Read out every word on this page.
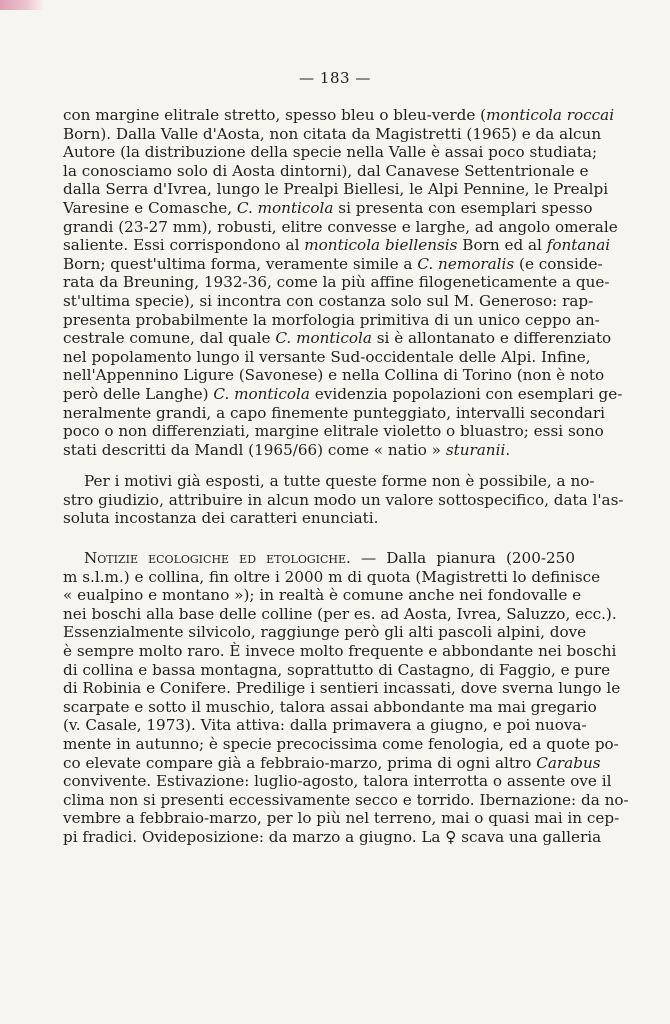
— 183 —
con margine elitrale stretto, spesso bleu o bleu-verde (monticola roccai
Born). Dalla Valle d'Aosta, non citata da Magistretti (1965) e da alcun
Autore (la distribuzione della specie nella Valle è assai poco studiata;
la conosciamo solo di Aosta dintorni), dal Canavese Settentrionale e
dalla Serra d'Ivrea, lungo le Prealpi Biellesi, le Alpi Pennine, le Prealpi
Varesine e Comasche, C. monticola si presenta con esemplari spesso
grandi (23-27 mm), robusti, elitre convesse e larghe, ad angolo omerale
saliente. Essi corrispondono al monticola biellensis Born ed al fontanai
Born; quest'ultima forma, veramente simile a C. nemoralis (e conside-
rata da Breuning, 1932-36, come la più affine filogeneticamente a que-
st'ultima specie), si incontra con costanza solo sul M. Generoso: rap-
presenta probabilmente la morfologia primitiva di un unico ceppo an-
cestrale comune, dal quale C. monticola si è allontanato e differenziato
nel popolamento lungo il versante Sud-occidentale delle Alpi. Infine,
nell'Appennino Ligure (Savonese) e nella Collina di Torino (non è noto
però delle Langhe) C. monticola evidenzia popolazioni con esemplari ge-
neralmente grandi, a capo finemente punteggiato, intervalli secondari
poco o non differenziati, margine elitrale violetto o bluastro; essi sono
stati descritti da Mandl (1965/66) come « natio » sturanii.
Per i motivi già esposti, a tutte queste forme non è possibile, a no-
stro giudizio, attribuire in alcun modo un valore sottospecifico, data l'as-
soluta incostanza dei caratteri enunciati.
Notizie ecologiche ed etologiche. — Dalla pianura (200-250
m s.l.m.) e collina, fin oltre i 2000 m di quota (Magistretti lo definisce
« eualpino e montano »); in realtà è comune anche nei fondovalle e
nei boschi alla base delle colline (per es. ad Aosta, Ivrea, Saluzzo, ecc.).
Essenzialmente silvicolo, raggiunge però gli alti pascoli alpini, dove
è sempre molto raro. È invece molto frequente e abbondante nei boschi
di collina e bassa montagna, soprattutto di Castagno, di Faggio, e pure
di Robinia e Conifere. Predilige i sentieri incassati, dove sverna lungo le
scarpate e sotto il muschio, talora assai abbondante ma mai gregario
(v. Casale, 1973). Vita attiva: dalla primavera a giugno, e poi nuova-
mente in autunno; è specie precocissima come fenologia, ed a quote po-
co elevate compare già a febbraio-marzo, prima di ogni altro Carabus
convivente. Estivazione: luglio-agosto, talora interrotta o assente ove il
clima non si presenti eccessivamente secco e torrido. Ibernazione: da no-
vembre a febbraio-marzo, per lo più nel terreno, mai o quasi mai in cep-
pi fradici. Ovideposizione: da marzo a giugno. La ♀ scava una galleria
